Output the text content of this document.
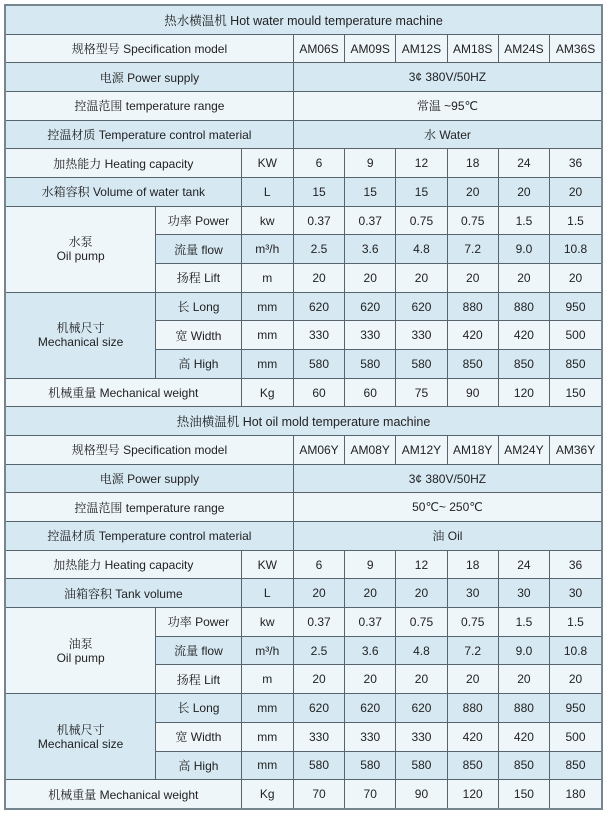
热水横温机 Hot water mould temperature machine								
规格型号 Specification model			AM06S	AM09S	AM12S	AM18S	AM24S	AM36S
电源 Power supply			3¢ 380V/50HZ					
控温范围 temperature range			常温 ~95℃					
控温材质 Temperature control material			水 Water					
加热能力 Heating capacity		KW	6	9	12	18	24	36
水箱容积 Volume of water tank		L	15	15	15	20	20	20

水泵
Oil pump	功率 Power	kw	0.37	0.37	0.75	0.75	1.5	1.5
	流量 flow	m³/h	2.5	3.6	4.8	7.2	9.0	10.8
	扬程 Lift	m	20	20	20	20	20	20

机械尺寸
Mechanical size	长 Long	mm	620	620	620	880	880	950
	宽 Width	mm	330	330	330	420	420	500
	高 High	mm	580	580	580	850	850	850
机械重量 Mechanical weight		Kg	60	60	75	90	120	150
热油横温机 Hot oil mold temperature machine								
规格型号 Specification model			AM06Y	AM08Y	AM12Y	AM18Y	AM24Y	AM36Y
电源 Power supply			3¢ 380V/50HZ					
控温范围 temperature range			50℃~ 250℃					
控温材质 Temperature control material			油 Oil					
加热能力 Heating capacity		KW	6	9	12	18	24	36
油箱容积 Tank volume		L	20	20	20	30	30	30

油泵
Oil pump	功率 Power	kw	0.37	0.37	0.75	0.75	1.5	1.5
	流量 flow	m³/h	2.5	3.6	4.8	7.2	9.0	10.8
	扬程 Lift	m	20	20	20	20	20	20

机械尺寸
Mechanical size	长 Long	mm	620	620	620	880	880	950
	宽 Width	mm	330	330	330	420	420	500
	高 High	mm	580	580	580	850	850	850
机械重量 Mechanical weight		Kg	70	70	90	120	150	180
